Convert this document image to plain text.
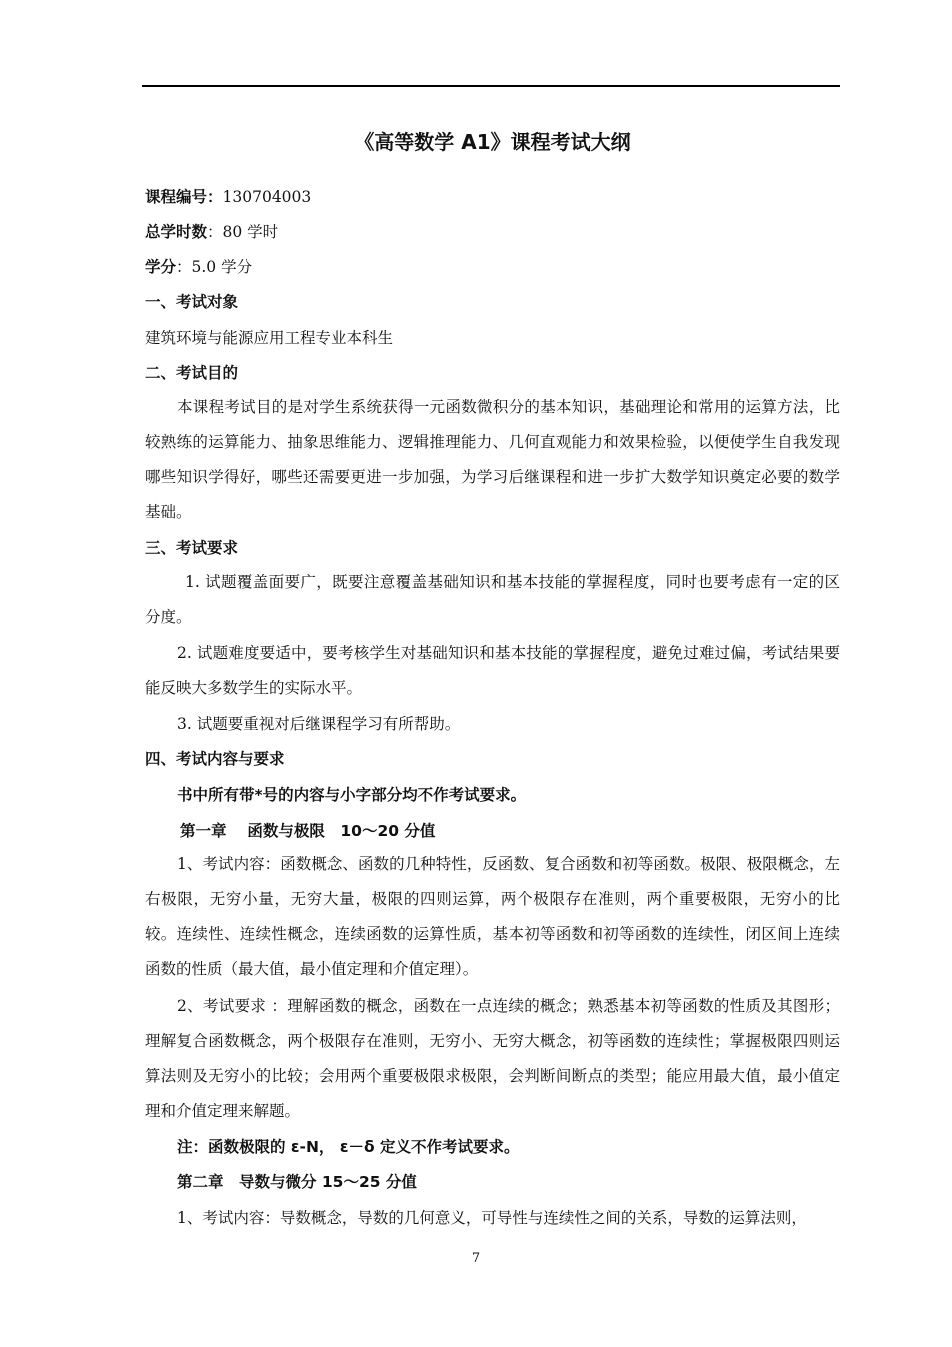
《高等数学 A1》课程考试大纲
课程编号：130704003
总学时数：80 学时
学分：5.0 学分
一、考试对象
建筑环境与能源应用工程专业本科生
二、考试目的
本课程考试目的是对学生系统获得一元函数微积分的基本知识，基础理论和常用的运算方法，比较熟练的运算能力、抽象思维能力、逻辑推理能力、几何直观能力和效果检验，以便使学生自我发现哪些知识学得好，哪些还需要更进一步加强，为学习后继课程和进一步扩大数学知识奠定必要的数学基础。
三、考试要求
1. 试题覆盖面要广，既要注意覆盖基础知识和基本技能的掌握程度，同时也要考虑有一定的区分度。
2. 试题难度要适中，要考核学生对基础知识和基本技能的掌握程度，避免过难过偏，考试结果要能反映大多数学生的实际水平。
3. 试题要重视对后继课程学习有所帮助。
四、考试内容与要求
书中所有带*号的内容与小字部分均不作考试要求。
第一章　 函数与极限　10～20 分值
1、考试内容：函数概念、函数的几种特性，反函数、复合函数和初等函数。极限、极限概念，左右极限，无穷小量，无穷大量，极限的四则运算，两个极限存在准则，两个重要极限，无穷小的比较。连续性、连续性概念，连续函数的运算性质，基本初等函数和初等函数的连续性，闭区间上连续函数的性质（最大值，最小值定理和介值定理）。
2、考试要求 ：理解函数的概念，函数在一点连续的概念；熟悉基本初等函数的性质及其图形；理解复合函数概念，两个极限存在准则，无穷小、无穷大概念，初等函数的连续性；掌握极限四则运算法则及无穷小的比较；会用两个重要极限求极限，会判断间断点的类型；能应用最大值，最小值定理和介值定理来解题。
注：函数极限的 ε-N， ε－δ 定义不作考试要求。
第二章　导数与微分 15～25 分值
1、考试内容：导数概念，导数的几何意义，可导性与连续性之间的关系，导数的运算法则，
7
